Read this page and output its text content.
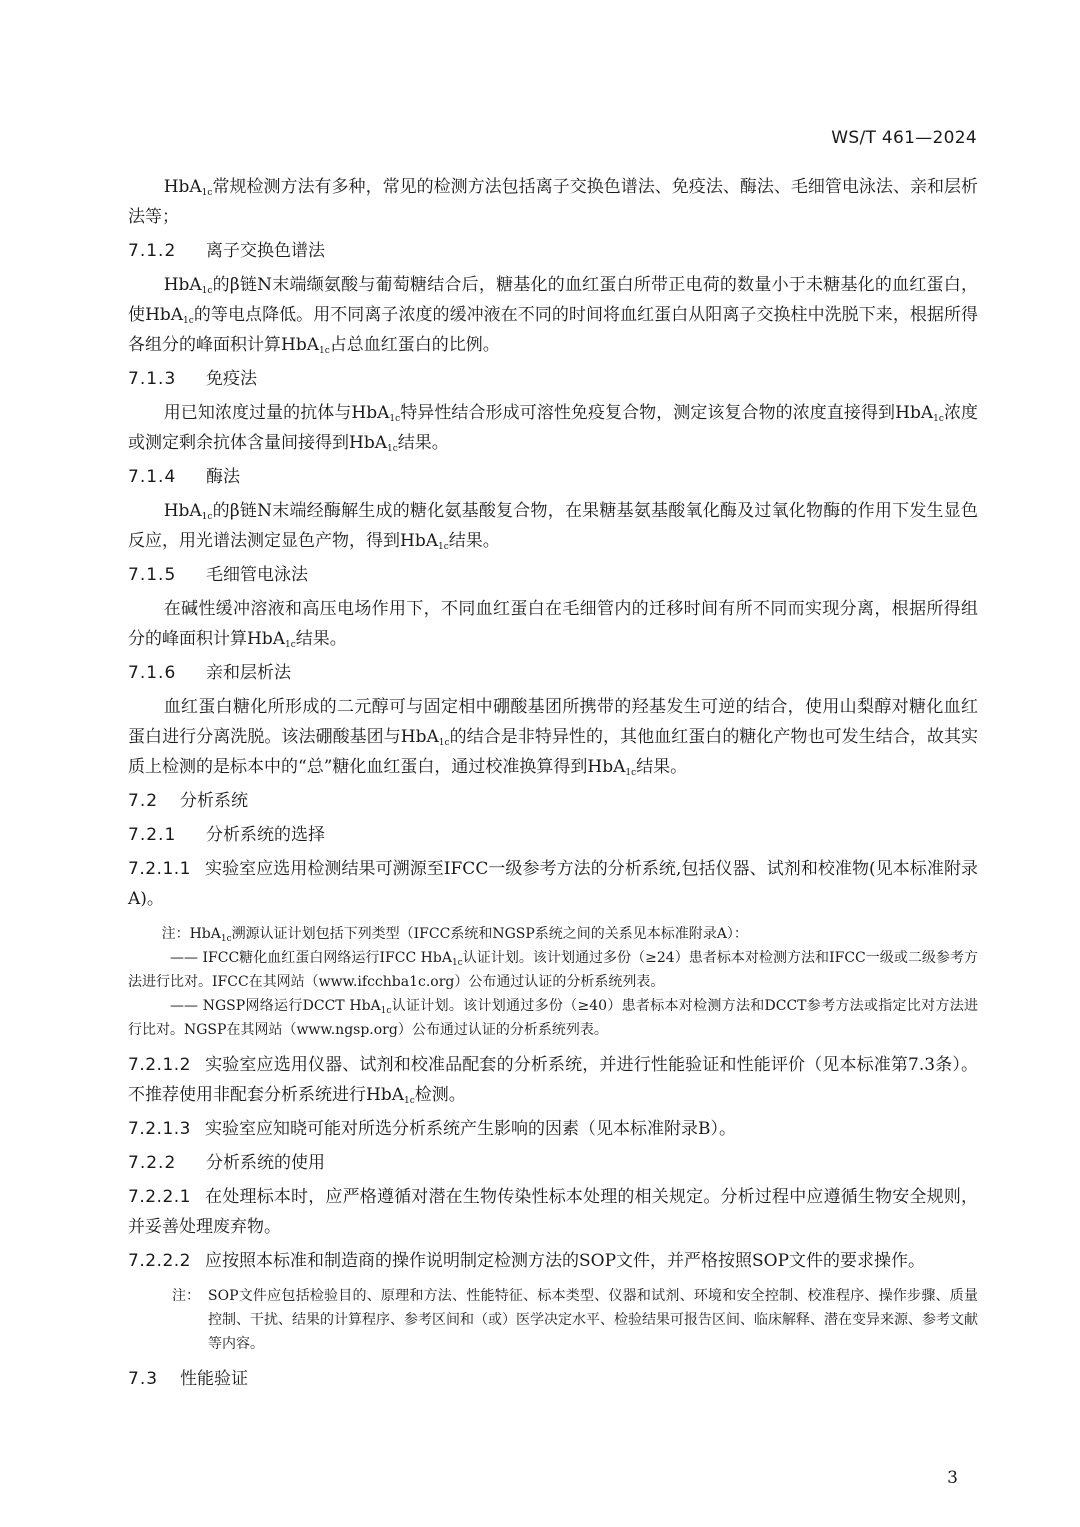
WS/T 461—2024

HbA$_{1c}$常规检测方法有多种，常见的检测方法包括离子交换色谱法、免疫法、酶法、毛细管电泳法、亲和层析法等；

7.1.2 离子交换色谱法

HbA$_{1c}$的β链N末端缬氨酸与葡萄糖结合后，糖基化的血红蛋白所带正电荷的数量小于未糖基化的血红蛋白，使HbA$_{1c}$的等电点降低。用不同离子浓度的缓冲液在不同的时间将血红蛋白从阳离子交换柱中洗脱下来，根据所得各组分的峰面积计算HbA$_{1c}$占总血红蛋白的比例。

7.1.3 免疫法

用已知浓度过量的抗体与HbA$_{1c}$特异性结合形成可溶性免疫复合物，测定该复合物的浓度直接得到HbA$_{1c}$浓度或测定剩余抗体含量间接得到HbA$_{1c}$结果。

7.1.4 酶法

HbA$_{1c}$的β链N末端经酶解生成的糖化氨基酸复合物，在果糖基氨基酸氧化酶及过氧化物酶的作用下发生显色反应，用光谱法测定显色产物，得到HbA$_{1c}$结果。

7.1.5 毛细管电泳法

在碱性缓冲溶液和高压电场作用下，不同血红蛋白在毛细管内的迁移时间有所不同而实现分离，根据所得组分的峰面积计算HbA$_{1c}$结果。

7.1.6 亲和层析法

血红蛋白糖化所形成的二元醇可与固定相中硼酸基团所携带的羟基发生可逆的结合，使用山梨醇对糖化血红蛋白进行分离洗脱。该法硼酸基团与HbA$_{1c}$的结合是非特异性的，其他血红蛋白的糖化产物也可发生结合，故其实质上检测的是标本中的“总”糖化血红蛋白，通过校准换算得到HbA$_{1c}$结果。

7.2 分析系统
7.2.1 分析系统的选择

7.2.1.1 实验室应选用检测结果可溯源至IFCC一级参考方法的分析系统,包括仪器、试剂和校准物(见本标准附录A)。

注：HbA$_{1c}$溯源认证计划包括下列类型（IFCC系统和NGSP系统之间的关系见本标准附录A）：

—— IFCC糖化血红蛋白网络运行IFCC HbA$_{1c}$认证计划。该计划通过多份（≥24）患者标本对检测方法和IFCC一级或二级参考方法进行比对。IFCC在其网站（www.ifcchba1c.org）公布通过认证的分析系统列表。

—— NGSP网络运行DCCT HbA$_{1c}$认证计划。该计划通过多份（≥40）患者标本对检测方法和DCCT参考方法或指定比对方法进行比对。NGSP在其网站（www.ngsp.org）公布通过认证的分析系统列表。

7.2.1.2 实验室应选用仪器、试剂和校准品配套的分析系统，并进行性能验证和性能评价（见本标准第7.3条）。不推荐使用非配套分析系统进行HbA$_{1c}$检测。

7.2.1.3 实验室应知晓可能对所选分析系统产生影响的因素（见本标准附录B）。

7.2.2 分析系统的使用

7.2.2.1 在处理标本时，应严格遵循对潜在生物传染性标本处理的相关规定。分析过程中应遵循生物安全规则，并妥善处理废弃物。

7.2.2.2 应按照本标准和制造商的操作说明制定检测方法的SOP文件，并严格按照SOP文件的要求操作。

注： SOP文件应包括检验目的、原理和方法、性能特征、标本类型、仪器和试剂、环境和安全控制、校准程序、操作步骤、质量控制、干扰、结果的计算程序、参考区间和（或）医学决定水平、检验结果可报告区间、临床解释、潜在变异来源、参考文献等内容。
7.3 性能验证
3
